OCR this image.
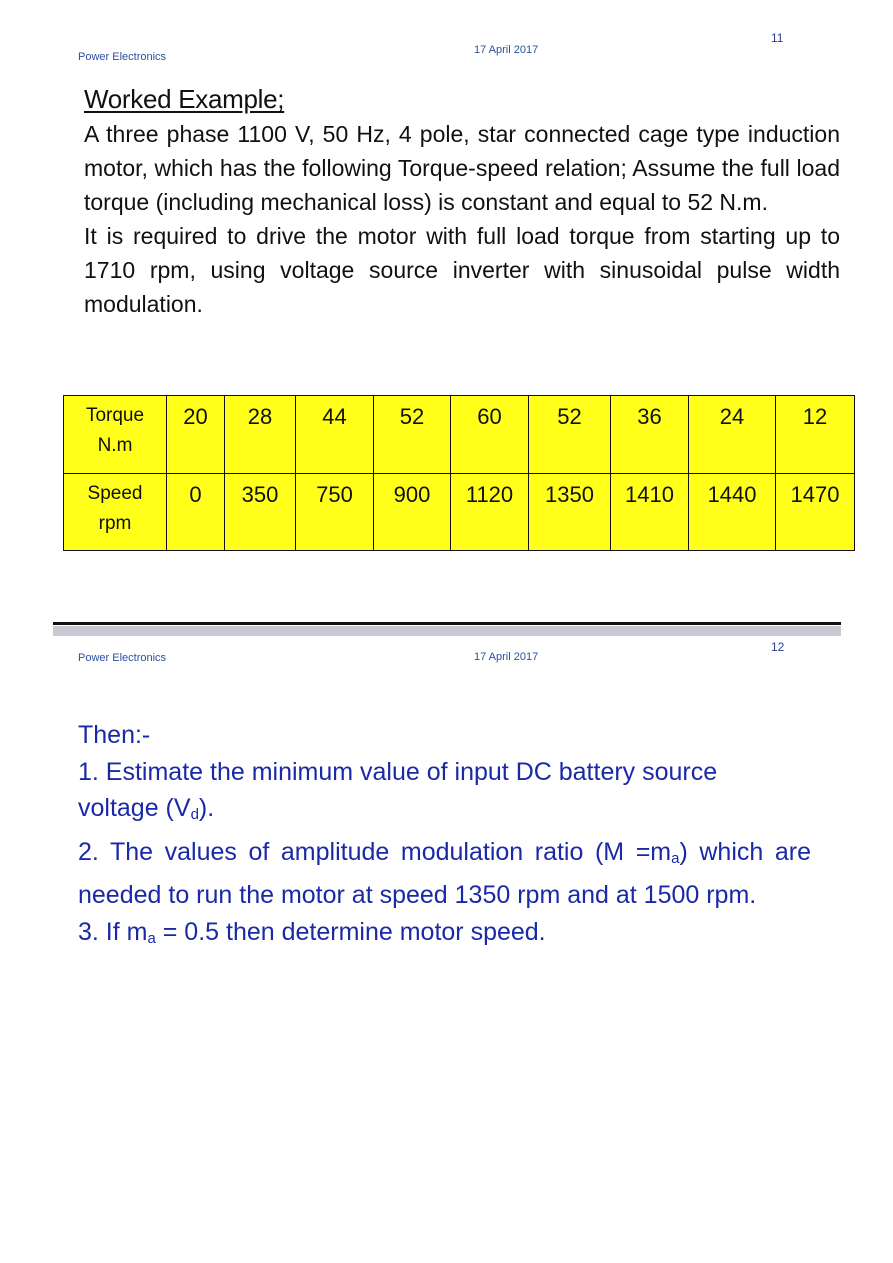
11
Power Electronics
17 April 2017
Worked Example;

A three phase 1100 V, 50 Hz, 4 pole, star connected cage type induction motor, which has the following Torque-speed relation; Assume the full load torque (including mechanical loss) is constant and equal to 52 N.m.

It is required to drive the motor with full load torque from starting up to 1710 rpm, using voltage source inverter with sinusoidal pulse width modulation.

Torque
N.m	20	28	44	52	60	52	36	24	12

Speed
rpm	0	350	750	900	1120	1350	1410	1440	1470
12
Power Electronics	17 April 2017

Then:-

1. Estimate the minimum value of input DC battery source

voltage $(V_d)$.

2. The values of amplitude modulation ratio $(M =m_a)$ which are needed to run the motor at speed 1350 rpm and at 1500 rpm.

3. If $m_a = 0.5$ then determine motor speed.
